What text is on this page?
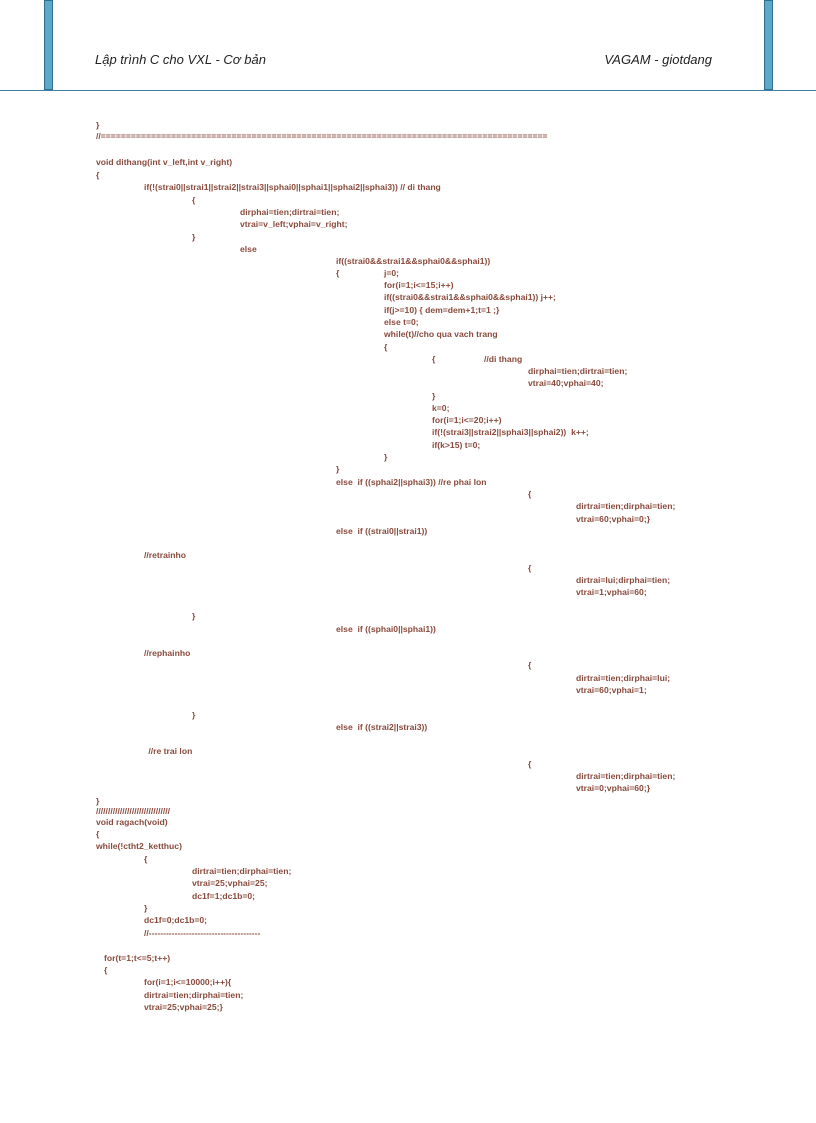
Lập trình C cho VXL - Cơ bản	VAGAM - giotdang
}
//=========================================================================================
void dithang(int v_left,int v_right)
{
if(!(strai0||strai1||strai2||strai3||sphai0||sphai1||sphai2||sphai3)) // di thang
{
dirphai=tien;dirtrai=tien;
vtrai=v_left;vphai=v_right;
}
else
if((strai0&&strai1&&sphai0&&sphai1))
{	j=0;
for(i=1;i<=15;i++)
if((strai0&&strai1&&sphai0&&sphai1)) j++;
if(j>=10) { dem=dem+1;t=1 ;}
else t=0;
while(t)//cho qua vach trang
{
{	//di thang
dirphai=tien;dirtrai=tien;
vtrai=40;vphai=40;
}
k=0;
for(i=1;i<=20;i++)
if(!(strai3||strai2||sphai3||sphai2))  k++;
if(k>15) t=0;
}
}
else  if ((sphai2||sphai3)) //re phai lon
{
dirtrai=tien;dirphai=tien;
vtrai=60;vphai=0;}
else  if ((strai0||strai1))
//retrainho
{
dirtrai=lui;dirphai=tien;
vtrai=1;vphai=60;
}
else  if ((sphai0||sphai1))
//rephainho
{
dirtrai=tien;dirphai=lui;
vtrai=60;vphai=1;
}
else  if ((strai2||strai3))
//re trai lon
{
dirtrai=tien;dirphai=tien;
vtrai=0;vphai=60;}
}
///////////////////////////////
void ragach(void)
{
while(!ctht2_ketthuc)
{
dirtrai=tien;dirphai=tien;
vtrai=25;vphai=25;
dc1f=1;dc1b=0;
}
dc1f=0;dc1b=0;
//---------------------------------------
for(t=1;t<=5;t++)
{
for(i=1;i<=10000;i++){
dirtrai=tien;dirphai=tien;
vtrai=25;vphai=25;}
